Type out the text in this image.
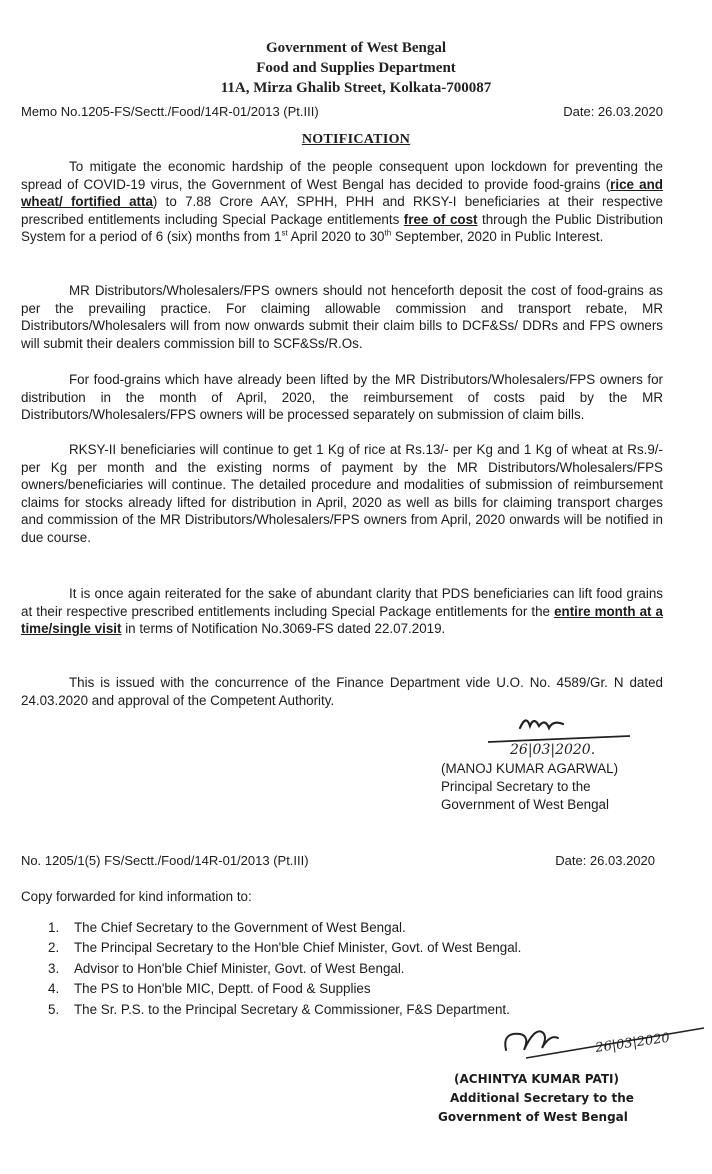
Government of West Bengal
Food and Supplies Department
11A, Mirza Ghalib Street, Kolkata-700087
Memo No.1205-FS/Sectt./Food/14R-01/2013 (Pt.III)	Date: 26.03.2020
NOTIFICATION
To mitigate the economic hardship of the people consequent upon lockdown for preventing the spread of COVID-19 virus, the Government of West Bengal has decided to provide food-grains (rice and wheat/ fortified atta) to 7.88 Crore AAY, SPHH, PHH and RKSY-I beneficiaries at their respective prescribed entitlements including Special Package entitlements free of cost through the Public Distribution System for a period of 6 (six) months from 1st April 2020 to 30th September, 2020 in Public Interest.
MR Distributors/Wholesalers/FPS owners should not henceforth deposit the cost of food-grains as per the prevailing practice. For claiming allowable commission and transport rebate, MR Distributors/Wholesalers will from now onwards submit their claim bills to DCF&Ss/ DDRs and FPS owners will submit their dealers commission bill to SCF&Ss/R.Os.
For food-grains which have already been lifted by the MR Distributors/Wholesalers/FPS owners for distribution in the month of April, 2020, the reimbursement of costs paid by the MR Distributors/Wholesalers/FPS owners will be processed separately on submission of claim bills.
RKSY-II beneficiaries will continue to get 1 Kg of rice at Rs.13/- per Kg and 1 Kg of wheat at Rs.9/- per Kg per month and the existing norms of payment by the MR Distributors/Wholesalers/FPS owners/beneficiaries will continue. The detailed procedure and modalities of submission of reimbursement claims for stocks already lifted for distribution in April, 2020 as well as bills for claiming transport charges and commission of the MR Distributors/Wholesalers/FPS owners from April, 2020 onwards will be notified in due course.
It is once again reiterated for the sake of abundant clarity that PDS beneficiaries can lift food grains at their respective prescribed entitlements including Special Package entitlements for the entire month at a time/single visit in terms of Notification No.3069-FS dated 22.07.2019.
This is issued with the concurrence of the Finance Department vide U.O. No. 4589/Gr. N dated 24.03.2020 and approval of the Competent Authority.
26|03|2020.
(MANOJ KUMAR AGARWAL)
Principal Secretary to the
Government of West Bengal
No. 1205/1(5) FS/Sectt./Food/14R-01/2013 (Pt.III)	Date: 26.03.2020
Copy forwarded for kind information to:
1. The Chief Secretary to the Government of West Bengal.
2. The Principal Secretary to the Hon'ble Chief Minister, Govt. of West Bengal.
3. Advisor to Hon'ble Chief Minister, Govt. of West Bengal.
4. The PS to Hon'ble MIC, Deptt. of Food & Supplies
5. The Sr. P.S. to the Principal Secretary & Commissioner, F&S Department.
26|03|2020
(ACHINTYA KUMAR PATI)
Additional Secretary to the
Government of West Bengal
